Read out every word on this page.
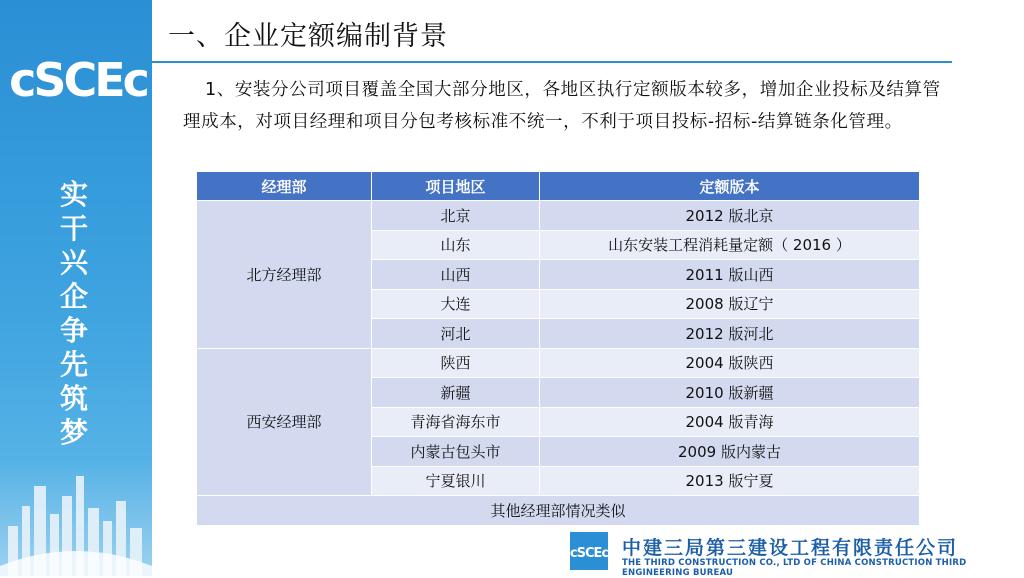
cSCEc
实
干
兴
企
争
先
筑
梦
一、企业定额编制背景
1、安装分公司项目覆盖全国大部分地区，各地区执行定额版本较多，增加企业投标及结算管理成本，对项目经理和项目分包考核标准不统一，不利于项目投标-招标-结算链条化管理。
经理部	项目地区	定额版本
北方经理部	北京	2012 版北京
	山东	山东安装工程消耗量定额（ 2016 ）
	山西	2011 版山西
	大连	2008 版辽宁
	河北	2012 版河北
西安经理部	陕西	2004 版陕西
	新疆	2010 版新疆
	青海省海东市	2004 版青海
	内蒙古包头市	2009 版内蒙古
	宁夏银川	2013 版宁夏
其他经理部情况类似		
cSCEc 中建三局第三建设工程有限责任公司
THE THIRD CONSTRUCTION CO., LTD OF CHINA CONSTRUCTION THIRD ENGINEERING BUREAU
